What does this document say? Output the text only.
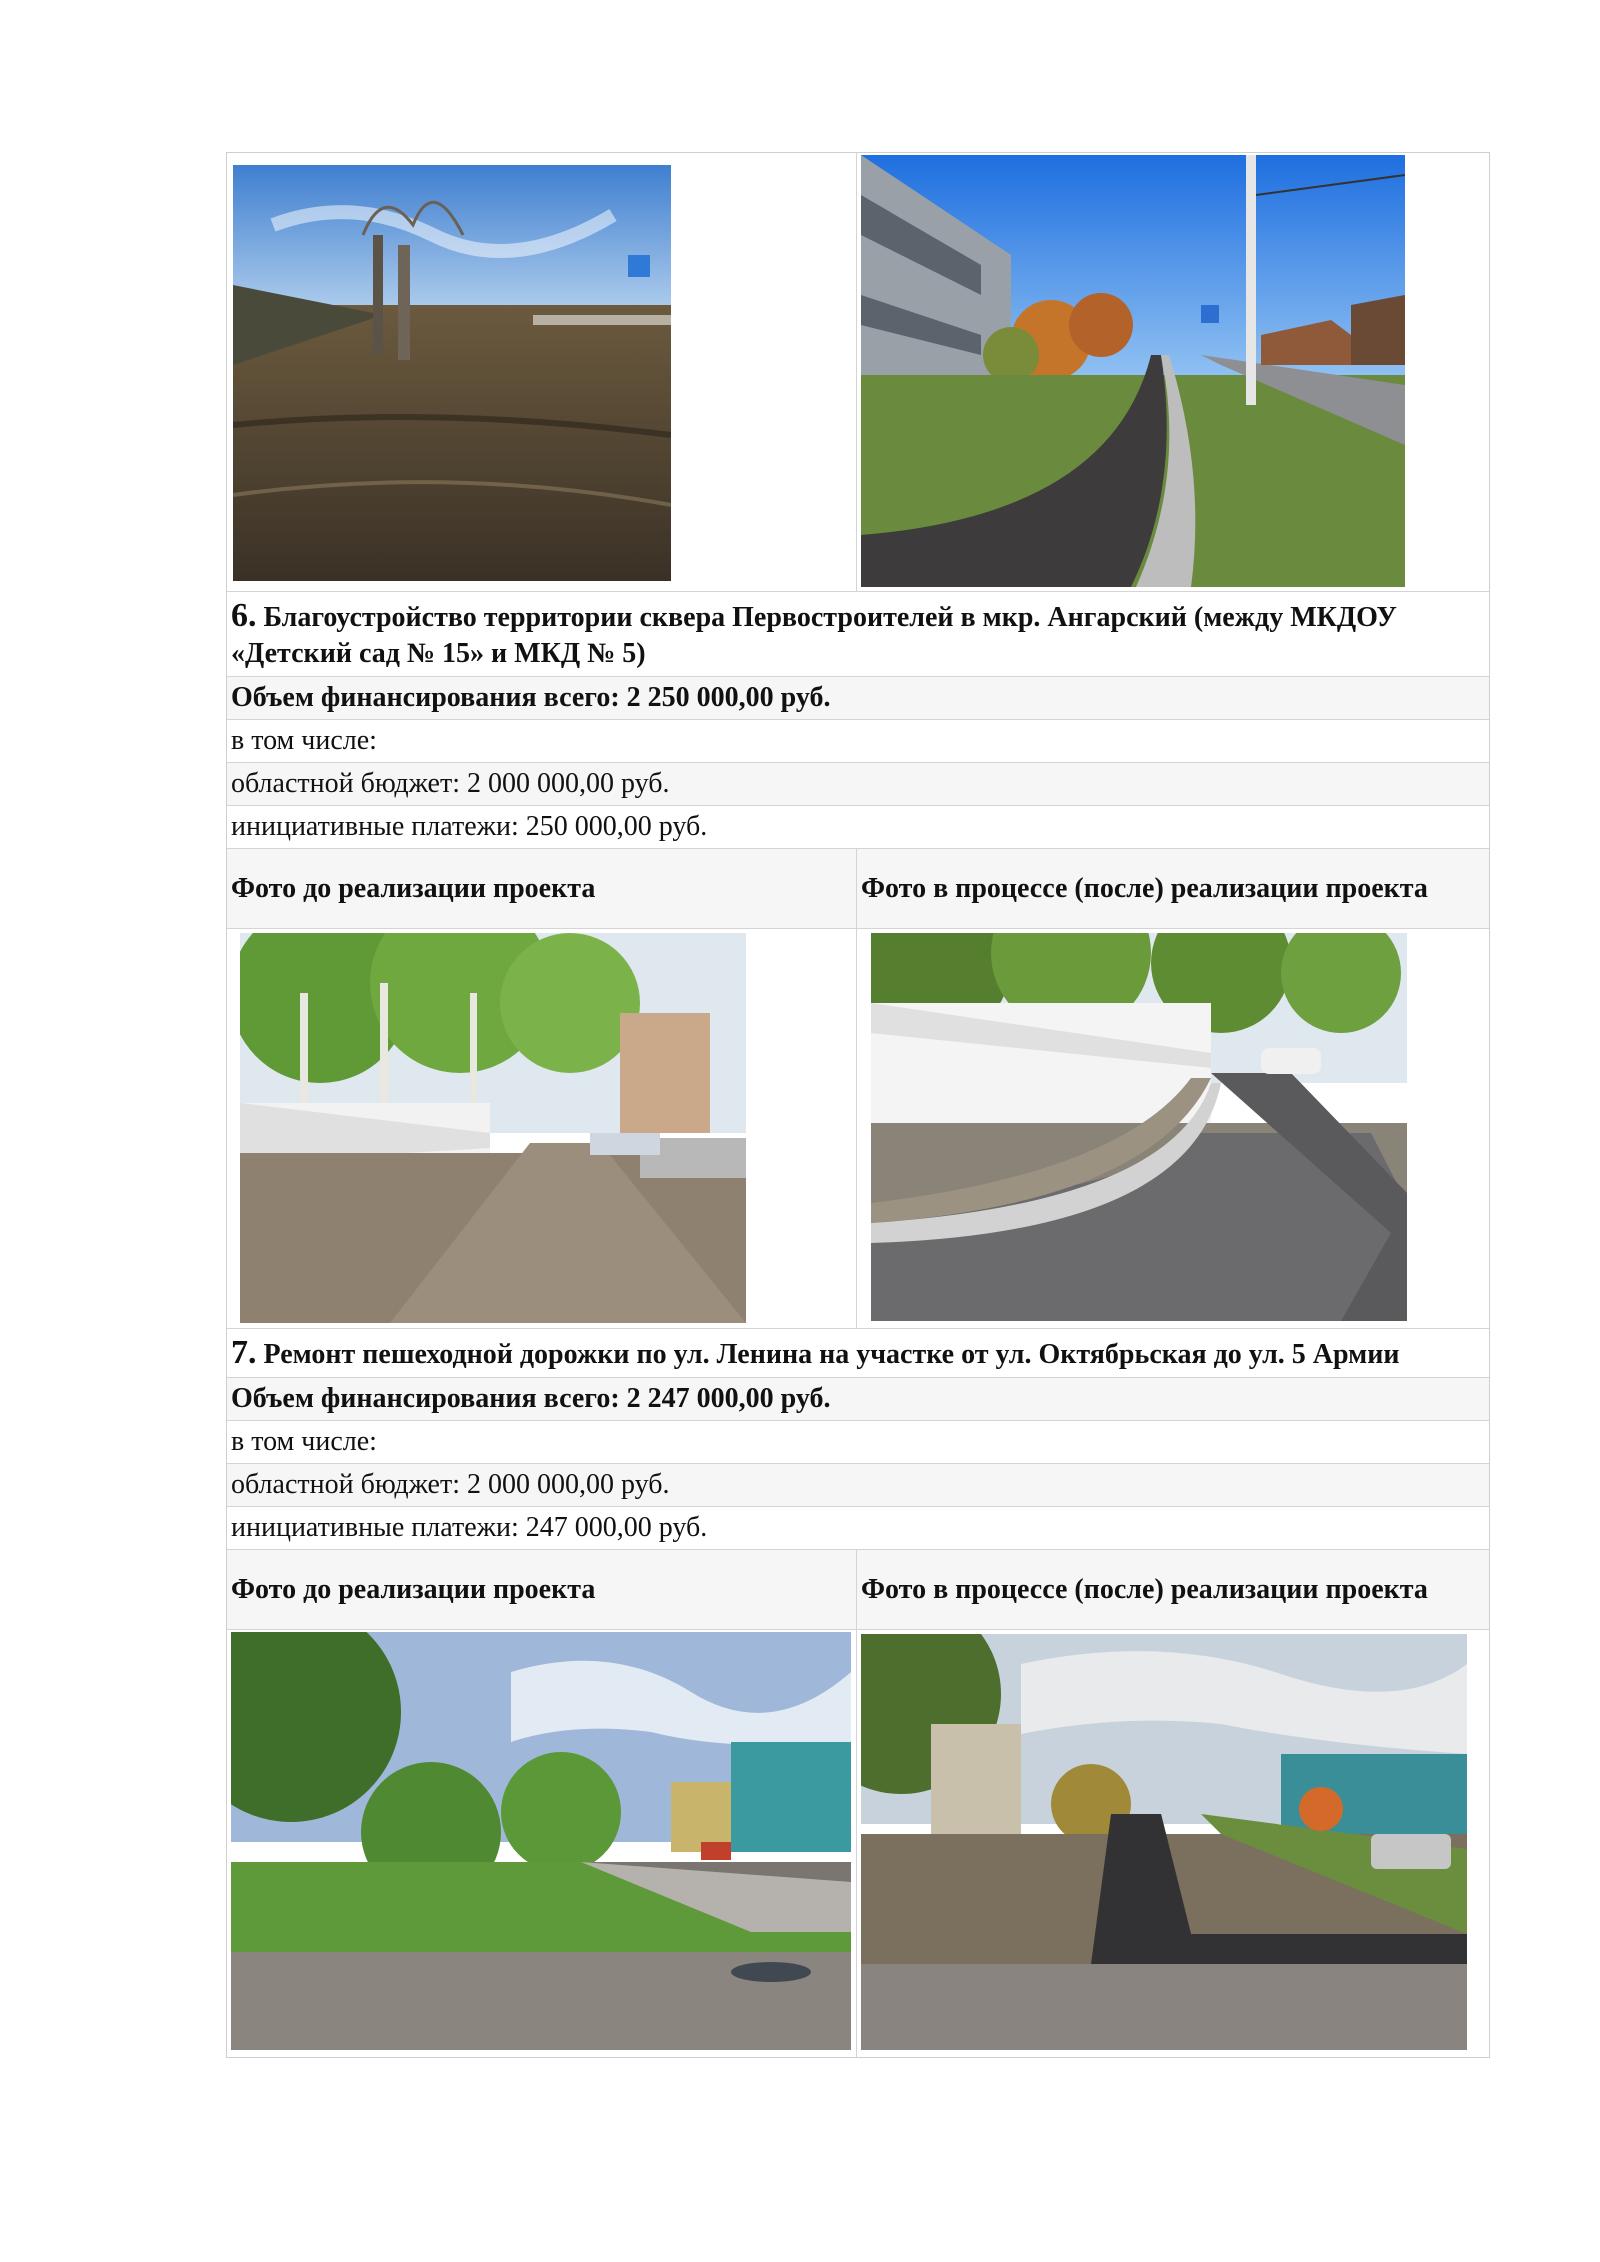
6. Благоустройство территории сквера Первостроителей в мкр. Ангарский (между МКДОУ «Детский сад № 15» и МКД № 5)
Объем финансирования всего: 2 250 000,00 руб.
в том числе:
областной бюджет: 2 000 000,00 руб.
инициативные платежи: 250 000,00 руб.
Фото до реализации проекта	Фото в процессе (после) реализации проекта
7. Ремонт пешеходной дорожки по ул. Ленина на участке от ул. Октябрьская до ул. 5 Армии
Объем финансирования всего: 2 247 000,00 руб.
в том числе:
областной бюджет: 2 000 000,00 руб.
инициативные платежи: 247 000,00 руб.
Фото до реализации проекта	Фото в процессе (после) реализации проекта
